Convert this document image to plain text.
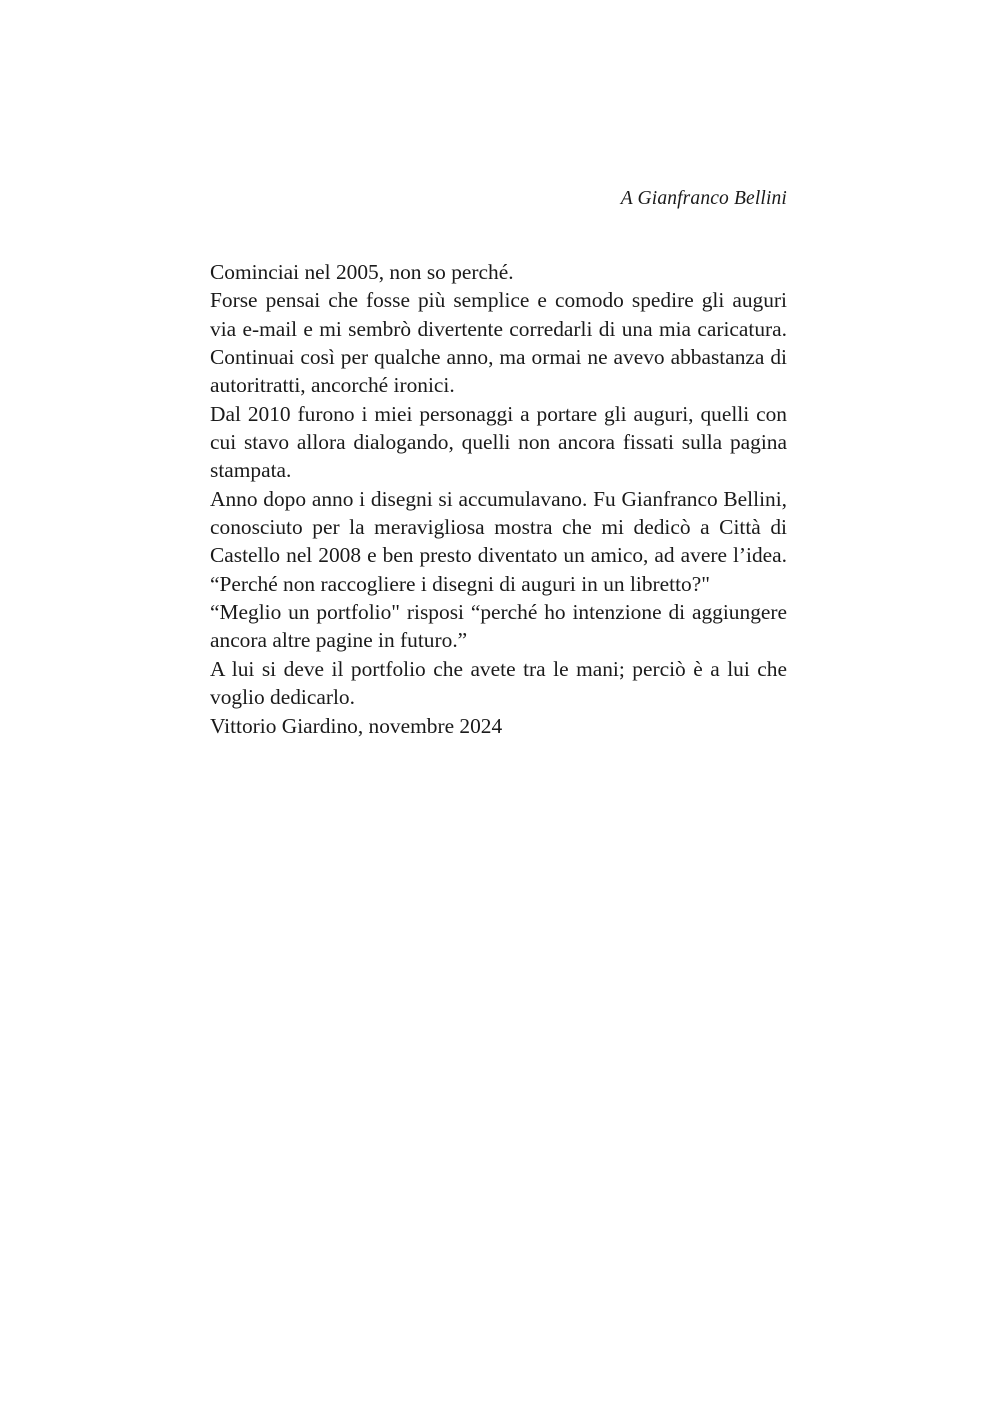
A Gianfranco Bellini

Cominciai nel 2005, non so perché.

Forse pensai che fosse più semplice e comodo spedire gli auguri via e-mail e mi sembrò divertente corredarli di una mia caricatura. Continuai così per qualche anno, ma ormai ne avevo abbastanza di autoritratti, ancorché ironici.

Dal 2010 furono i miei personaggi a portare gli auguri, quelli con cui stavo allora dialogando, quelli non ancora fissati sulla pagina stampata.

Anno dopo anno i disegni si accumulavano. Fu Gianfranco Bellini, conosciuto per la meravigliosa mostra che mi dedicò a Città di Castello nel 2008 e ben presto diventato un amico, ad avere l’idea. “Perché non raccogliere i disegni di auguri in un libretto?"

“Meglio un portfolio" risposi “perché ho intenzione di aggiungere ancora altre pagine in futuro.”

A lui si deve il portfolio che avete tra le mani; perciò è a lui che voglio dedicarlo.

Vittorio Giardino, novembre 2024
